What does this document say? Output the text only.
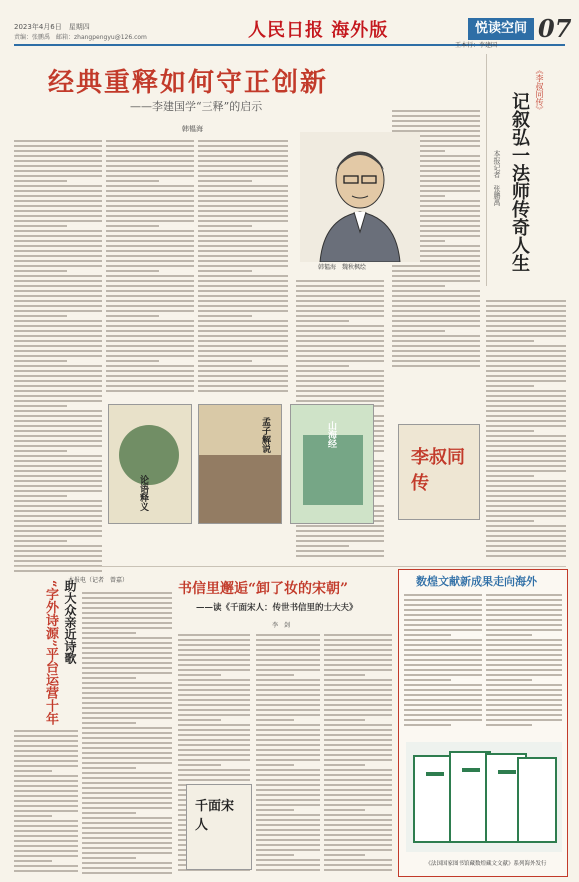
2023年4月6日　星期四
责编：张鹏禹　邮箱：zhangpengyu@126.com	人民日报 海外版	悦读空间 07
经典重释如何守正创新
——李建国学“三释”的启示
韩韫海
韩韫海　魏秋枫绘
论语释义
孟子解说	山海经
李叔同传
王本行：李建国
《李叔同传》
记叙弘一法师传奇人生
本报记者　张鹏禹
本报电（记者　曾嘉）
“字外诗源”平台运营十年 助大众亲近诗歌	书信里邂逅“卸了妆的宋朝”
——读《千面宋人：传世书信里的士大夫》
李　剑
千面宋人
数煌文献新成果走向海外
《法国国家图书馆藏数煌藏文文献》系列海外发行
